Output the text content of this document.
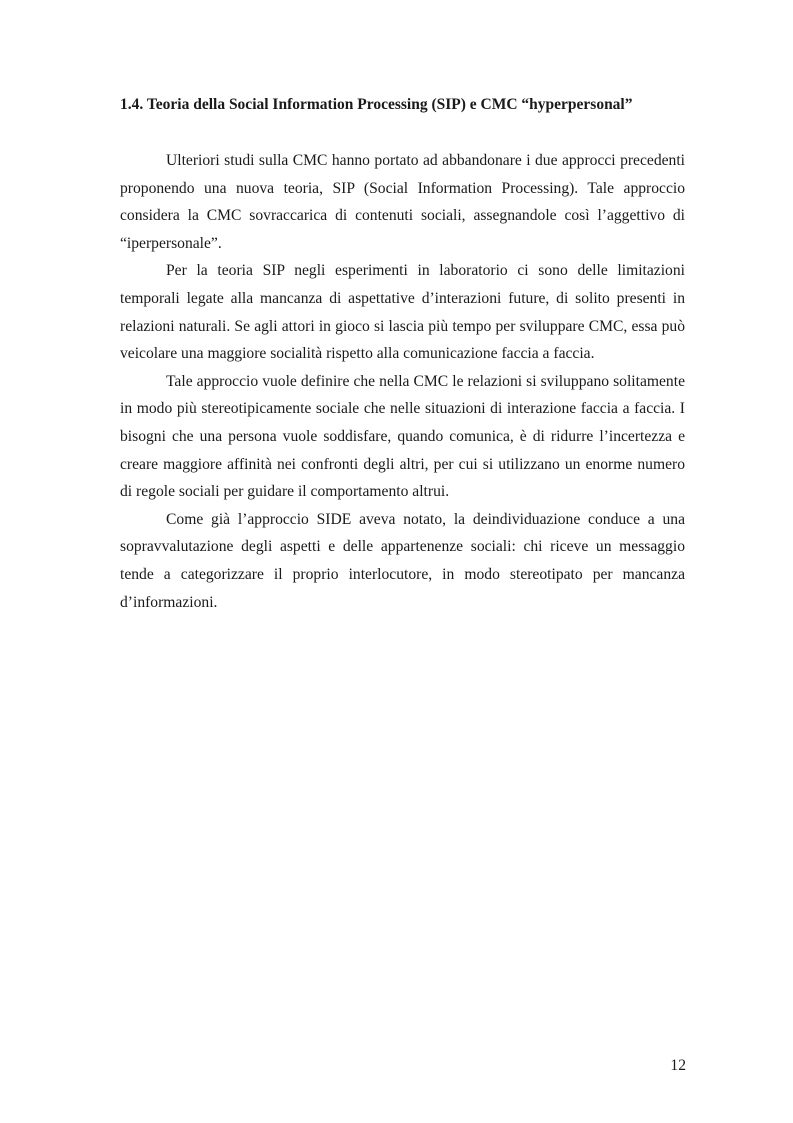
1.4. Teoria della Social Information Processing (SIP) e CMC “hyperpersonal”

Ulteriori studi sulla CMC hanno portato ad abbandonare i due approcci precedenti proponendo una nuova teoria, SIP (Social Information Processing). Tale approccio considera la CMC sovraccarica di contenuti sociali, assegnandole così l’aggettivo di “iperpersonale”.

Per la teoria SIP negli esperimenti in laboratorio ci sono delle limitazioni temporali legate alla mancanza di aspettative d’interazioni future, di solito presenti in relazioni naturali. Se agli attori in gioco si lascia più tempo per sviluppare CMC, essa può veicolare una maggiore socialità rispetto alla comunicazione faccia a faccia.

Tale approccio vuole definire che nella CMC le relazioni si sviluppano solitamente in modo più stereotipicamente sociale che nelle situazioni di interazione faccia a faccia. I bisogni che una persona vuole soddisfare, quando comunica, è di ridurre l’incertezza e creare maggiore affinità nei confronti degli altri, per cui si utilizzano un enorme numero di regole sociali per guidare il comportamento altrui.

Come già l’approccio SIDE aveva notato, la deindividuazione conduce a una sopravvalutazione degli aspetti e delle appartenenze sociali: chi riceve un messaggio tende a categorizzare il proprio interlocutore, in modo stereotipato per mancanza d’informazioni.

12
